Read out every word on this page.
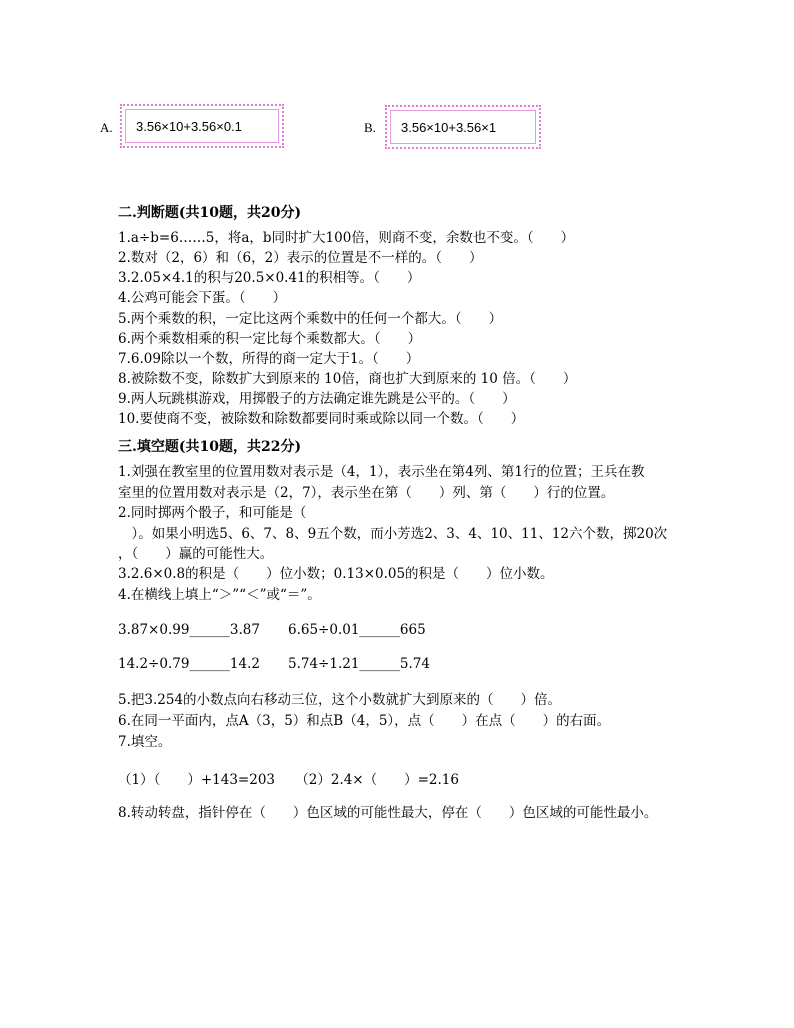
A.	3.56×10+3.56×0.1	B.	3.56×10+3.56×1
二.判断题(共10题，共20分)
1.a÷b=6……5，将a，b同时扩大100倍，则商不变，余数也不变。（　　）
2.数对（2，6）和（6，2）表示的位置是不一样的。（　　）
3.2.05×4.1的积与20.5×0.41的积相等。（　　）
4.公鸡可能会下蛋。（　　）
5.两个乘数的积，一定比这两个乘数中的任何一个都大。（　　）
6.两个乘数相乘的积一定比每个乘数都大。（　　）
7.6.09除以一个数，所得的商一定大于1。（　　）
8.被除数不变，除数扩大到原来的 10倍，商也扩大到原来的 10 倍。（　　）
9.两人玩跳棋游戏，用掷骰子的方法确定谁先跳是公平的。（　　）
10.要使商不变，被除数和除数都要同时乘或除以同一个数。（　　）
三.填空题(共10题，共22分)
1.刘强在教室里的位置用数对表示是（4，1），表示坐在第4列、第1行的位置；王兵在教
室里的位置用数对表示是（2，7），表示坐在第（　　）列、第（　　）行的位置。
2.同时掷两个骰子，和可能是（
　）。如果小明选5、6、7、8、9五个数，而小芳选2、3、4、10、11、12六个数，掷20次
，（　　）赢的可能性大。
3.2.6×0.8的积是（　　）位小数；0.13×0.05的积是（　　）位小数。
4.在横线上填上“＞”“＜”或“＝”。
3.87×0.99______3.87 6.65÷0.01______665
14.2÷0.79______14.2 5.74÷1.21______5.74
5.把3.254的小数点向右移动三位，这个小数就扩大到原来的（　　）倍。
6.在同一平面内，点A（3，5）和点B（4，5），点（　　）在点（　　）的右面。
7.填空。
（1）（　　）+143=203　　（2）2.4×（　　）=2.16
8.转动转盘，指针停在（　　）色区域的可能性最大，停在（　　）色区域的可能性最小。
